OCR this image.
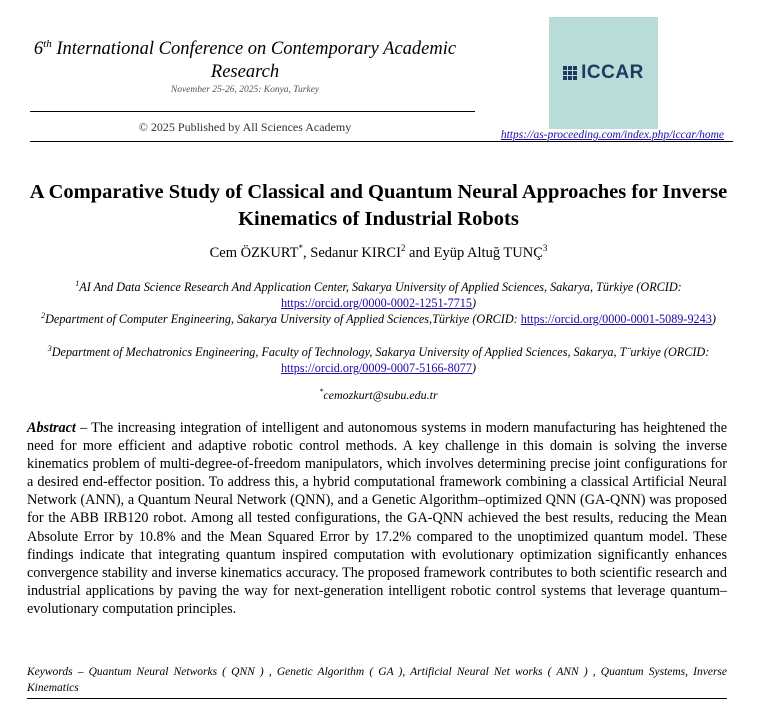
6th International Conference on Contemporary Academic Research
November 25-26, 2025: Konya, Turkey
© 2025 Published by All Sciences Academy
ICCAR
https://as-proceeding.com/index.php/iccar/home
A Comparative Study of Classical and Quantum Neural Approaches for Inverse Kinematics of Industrial Robots
Cem ÖZKURT*, Sedanur KIRCI$^2$ and Eyüp Altuğ TUNÇ$^3$
$^1$AI And Data Science Research And Application Center, Sakarya University of Applied Sciences, Sakarya, Türkiye (ORCID: https://orcid.org/0000-0002-1251-7715)
$^2$Department of Computer Engineering, Sakarya University of Applied Sciences,Türkiye (ORCID: https://orcid.org/0000-0001-5089-9243)
$^3$Department of Mechatronics Engineering, Faculty of Technology, Sakarya University of Applied Sciences, Sakarya, T¨urkiye (ORCID: https://orcid.org/0009-0007-5166-8077)
*cemozkurt@subu.edu.tr
Abstract – The increasing integration of intelligent and autonomous systems in modern manufacturing has heightened the need for more efficient and adaptive robotic control methods. A key challenge in this domain is solving the inverse kinematics problem of multi-degree-of-freedom manipulators, which involves determining precise joint configurations for a desired end-effector position. To address this, a hybrid computational framework combining a classical Artificial Neural Network (ANN), a Quantum Neural Network (QNN), and a Genetic Algorithm–optimized QNN (GA-QNN) was proposed for the ABB IRB120 robot. Among all tested configurations, the GA-QNN achieved the best results, reducing the Mean Absolute Error by 10.8% and the Mean Squared Error by 17.2% compared to the unoptimized quantum model. These findings indicate that integrating quantum inspired computation with evolutionary optimization significantly enhances convergence stability and inverse kinematics accuracy. The proposed framework contributes to both scientific research and industrial applications by paving the way for next-generation intelligent robotic control systems that leverage quantum–evolutionary computation principles.
Keywords – Quantum Neural Networks ( QNN ) , Genetic Algorithm ( GA ), Artificial Neural Net works ( ANN ) , Quantum Systems, Inverse Kinematics
